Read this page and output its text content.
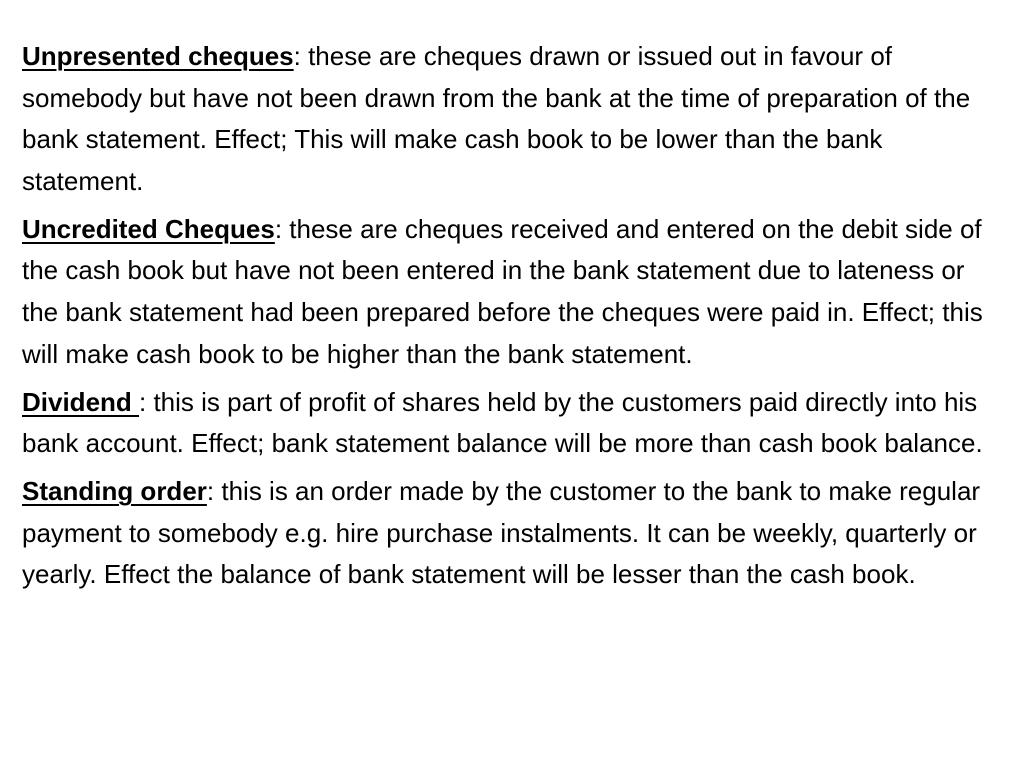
Unpresented cheques: these are cheques drawn or issued out in favour of somebody but have not been drawn from the bank at the time of preparation of the bank statement. Effect; This will make cash book to be lower than the bank statement.

Uncredited Cheques: these are cheques received and entered on the debit side of the cash book but have not been entered in the bank statement due to lateness or the bank statement had been prepared before the cheques were paid in. Effect; this will make cash book to be higher than the bank statement.

Dividend : this is part of profit of shares held by the customers paid directly into his bank account. Effect; bank statement balance will be more than cash book balance.

Standing order: this is an order made by the customer to the bank to make regular payment to somebody e.g. hire purchase instalments. It can be weekly, quarterly or yearly. Effect the balance of bank statement will be lesser than the cash book.
